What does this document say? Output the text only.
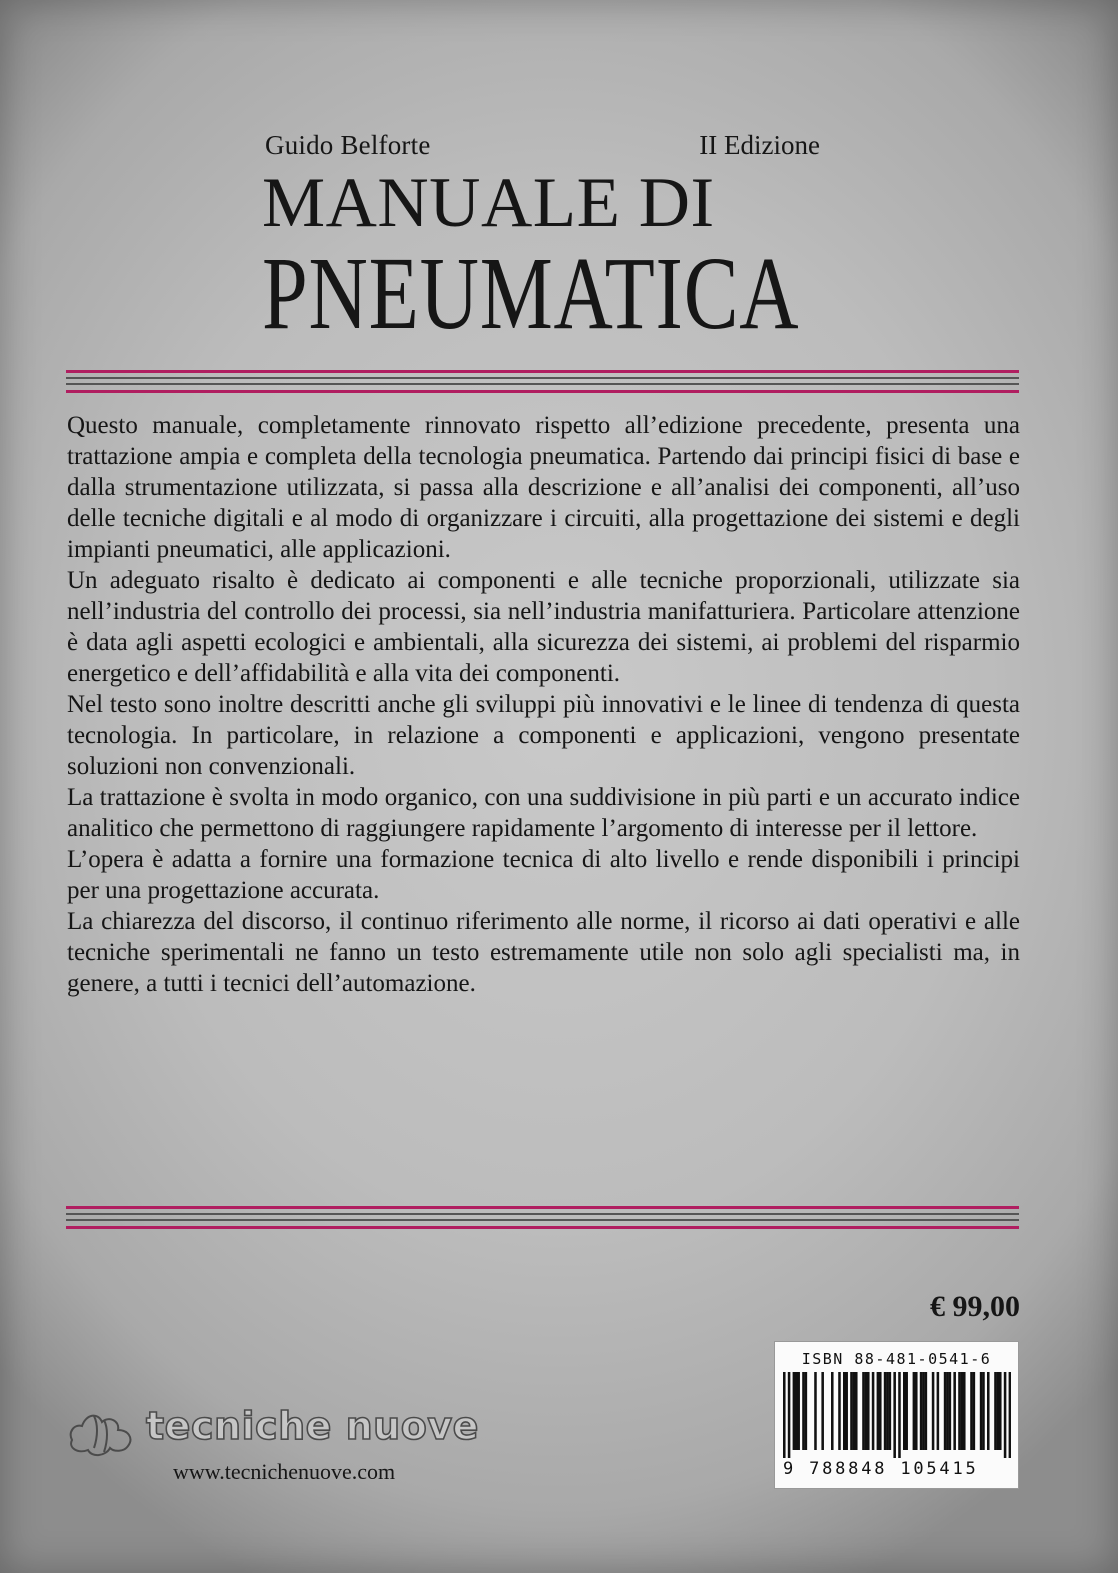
Guido Belforte	II Edizione
MANUALE DI
PNEUMATICA

Questo manuale, completamente rinnovato rispetto all’edizione precedente, presenta una trattazione ampia e completa della tecnologia pneumatica. Partendo dai principi fisici di base e dalla strumentazione utilizzata, si passa alla descrizione e all’analisi dei componenti, all’uso delle tecniche digitali e al modo di organizzare i circuiti, alla progettazione dei sistemi e degli impianti pneumatici, alle applicazioni.

Un adeguato risalto è dedicato ai componenti e alle tecniche proporzionali, utilizzate sia nell’industria del controllo dei processi, sia nell’industria manifatturiera. Particolare attenzione è data agli aspetti ecologici e ambientali, alla sicurezza dei sistemi, ai problemi del risparmio energetico e dell’affidabilità e alla vita dei componenti.

Nel testo sono inoltre descritti anche gli sviluppi più innovativi e le linee di tendenza di questa tecnologia. In particolare, in relazione a componenti e applicazioni, vengono presentate soluzioni non convenzionali.

La trattazione è svolta in modo organico, con una suddivisione in più parti e un accurato indice analitico che permettono di raggiungere rapidamente l’argomento di interesse per il lettore.

L’opera è adatta a fornire una formazione tecnica di alto livello e rende disponibili i principi per una progettazione accurata.

La chiarezza del discorso, il continuo riferimento alle norme, il ricorso ai dati operativi e alle tecniche sperimentali ne fanno un testo estremamente utile non solo agli specialisti ma, in genere, a tutti i tecnici dell’automazione.

€ 99,00
ISBN 88-481-0541-6
9 788848 105415
tecniche nuove
www.tecnichenuove.com
